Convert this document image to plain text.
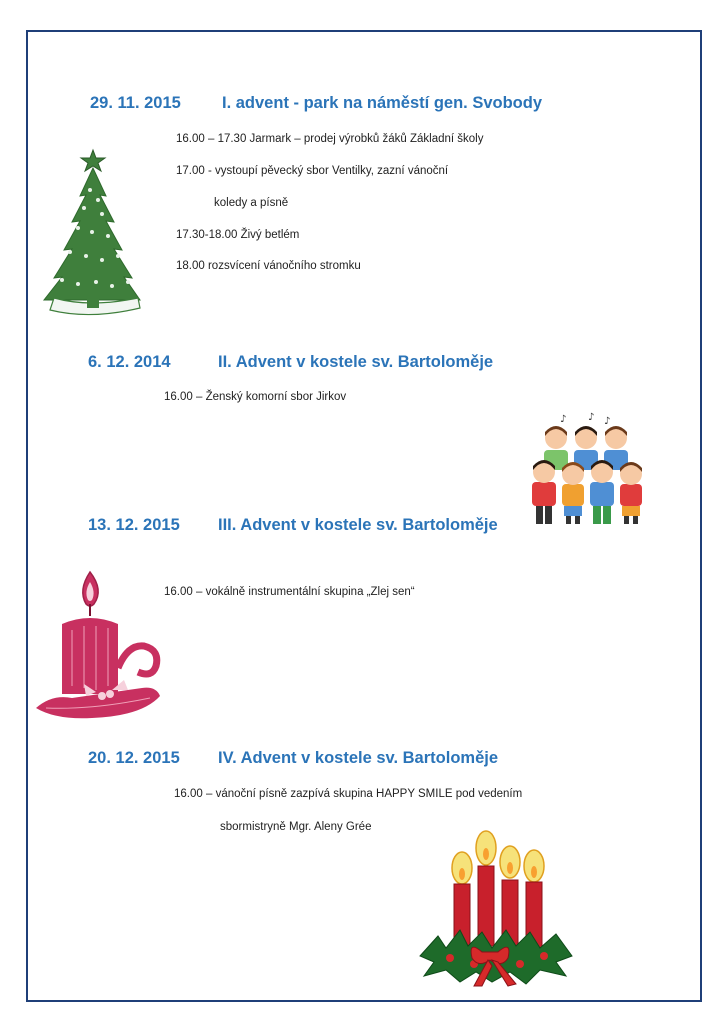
29. 11. 2015 I. advent - park na náměstí gen. Svobody
16.00 – 17.30 Jarmark – prodej výrobků žáků Základní školy
17.00 - vystoupí pěvecký sbor Ventilky, zazní vánoční
koledy a písně
17.30-18.00 Živý betlém
18.00 rozsvícení vánočního stromku
6. 12. 2014	II. Advent v kostele sv. Bartoloměje
16.00 – Ženský komorní sbor Jirkov
13. 12. 2015 III. Advent v kostele sv. Bartoloměje
16.00 – vokálně instrumentální skupina „Zlej sen“
20. 12. 2015 IV. Advent v kostele sv. Bartoloměje
16.00 – vánoční písně zazpívá skupina HAPPY SMILE pod vedením
sbormistryně Mgr. Aleny Grée
♪ ♪ ♪
